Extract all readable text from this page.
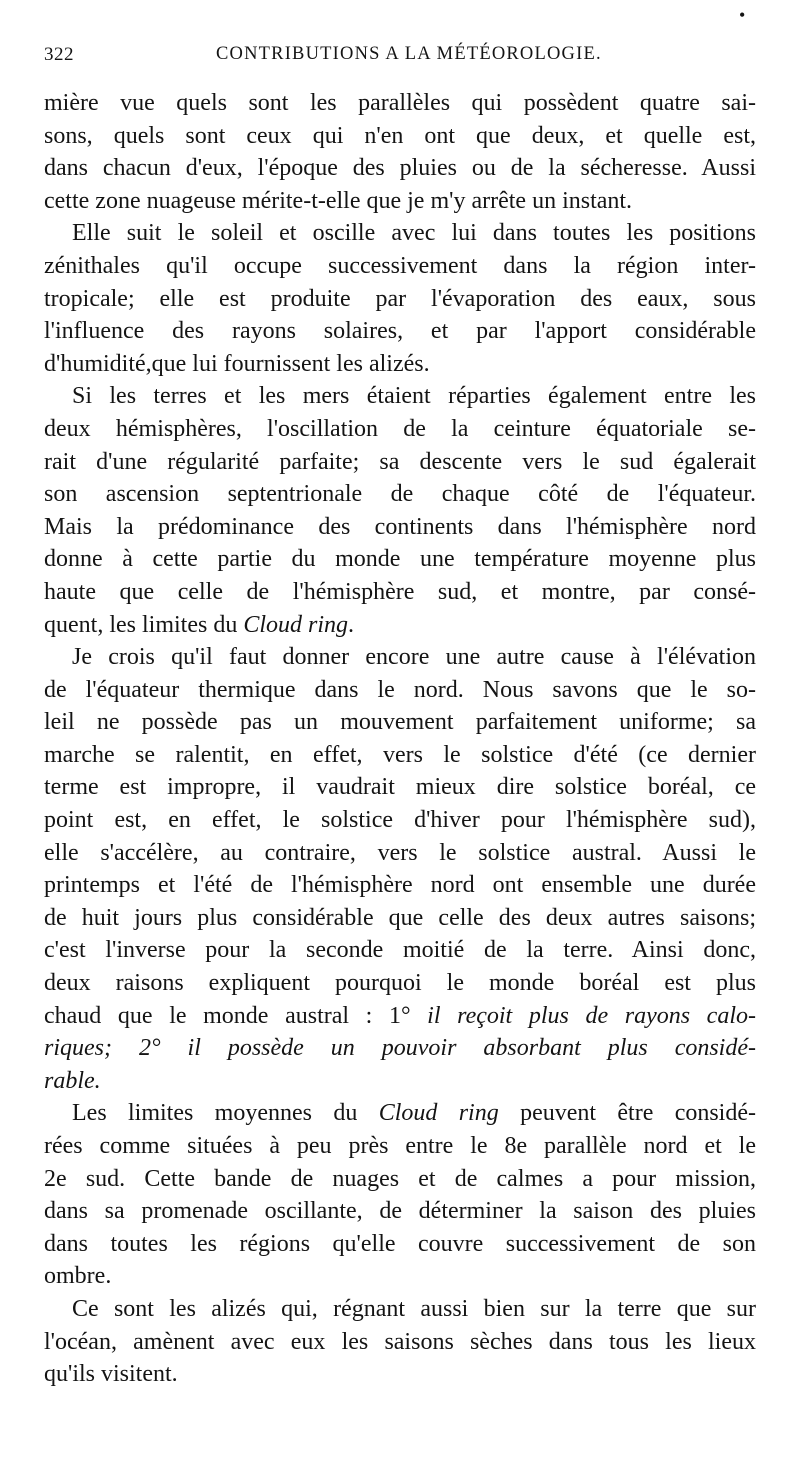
•
322	CONTRIBUTIONS A LA MÉTÉOROLOGIE.
mière vue quels sont les parallèles qui possèdent quatre sai-
sons, quels sont ceux qui n'en ont que deux, et quelle est,
dans chacun d'eux, l'époque des pluies ou de la sécheresse. Aussi
cette zone nuageuse mérite-t-elle que je m'y arrête un instant.
Elle suit le soleil et oscille avec lui dans toutes les positions
zénithales qu'il occupe successivement dans la région inter-
tropicale; elle est produite par l'évaporation des eaux, sous
l'influence des rayons solaires, et par l'apport considérable
d'humidité,que lui fournissent les alizés.
Si les terres et les mers étaient réparties également entre les
deux hémisphères, l'oscillation de la ceinture équatoriale se-
rait d'une régularité parfaite; sa descente vers le sud égalerait
son ascension septentrionale de chaque côté de l'équateur.
Mais la prédominance des continents dans l'hémisphère nord
donne à cette partie du monde une température moyenne plus
haute que celle de l'hémisphère sud, et montre, par consé-
quent, les limites du Cloud ring.
Je crois qu'il faut donner encore une autre cause à l'élévation
de l'équateur thermique dans le nord. Nous savons que le so-
leil ne possède pas un mouvement parfaitement uniforme; sa
marche se ralentit, en effet, vers le solstice d'été (ce dernier
terme est impropre, il vaudrait mieux dire solstice boréal, ce
point est, en effet, le solstice d'hiver pour l'hémisphère sud),
elle s'accélère, au contraire, vers le solstice austral. Aussi le
printemps et l'été de l'hémisphère nord ont ensemble une durée
de huit jours plus considérable que celle des deux autres saisons;
c'est l'inverse pour la seconde moitié de la terre. Ainsi donc,
deux raisons expliquent pourquoi le monde boréal est plus
chaud que le monde austral : 1° il reçoit plus de rayons calo-
riques; 2° il possède un pouvoir absorbant plus considé-
rable.
Les limites moyennes du Cloud ring peuvent être considé-
rées comme situées à peu près entre le 8e parallèle nord et le
2e sud. Cette bande de nuages et de calmes a pour mission,
dans sa promenade oscillante, de déterminer la saison des pluies
dans toutes les régions qu'elle couvre successivement de son
ombre.
Ce sont les alizés qui, régnant aussi bien sur la terre que sur
l'océan, amènent avec eux les saisons sèches dans tous les lieux
qu'ils visitent.
